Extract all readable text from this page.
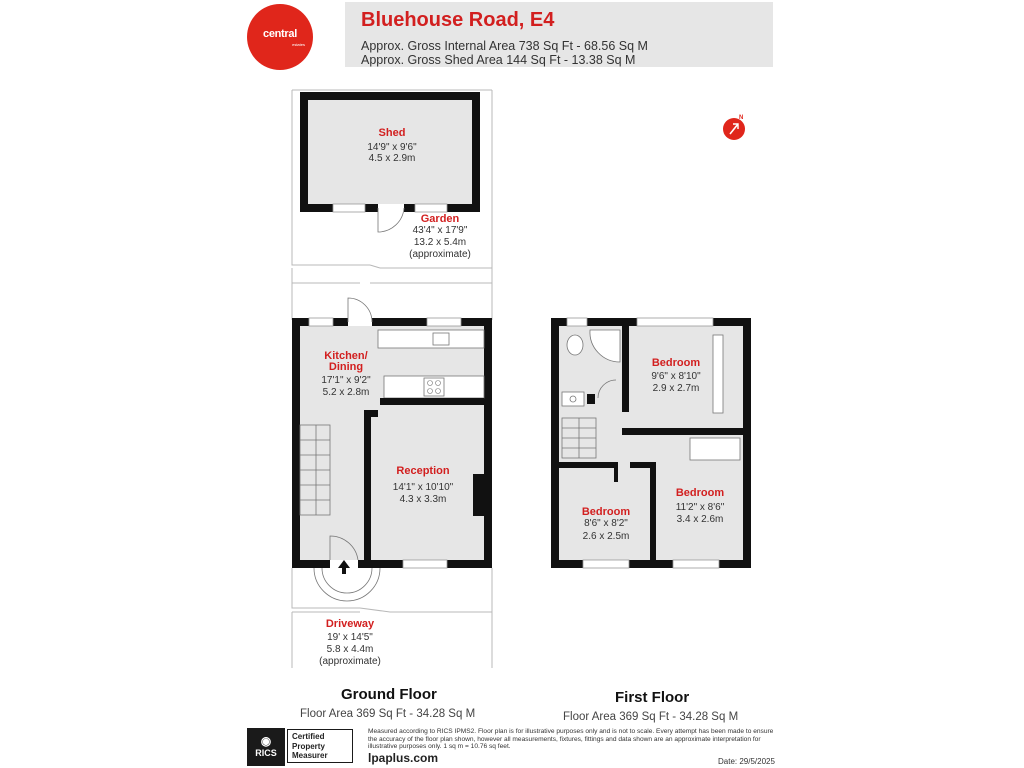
central
estates
Bluehouse Road, E4
Approx. Gross Internal Area 738 Sq Ft - 68.56 Sq M
Approx. Gross Shed Area 144 Sq Ft - 13.38 Sq M
N
Shed
14'9" x 9'6"
4.5 x 2.9m
Garden
43'4" x 17'9"
13.2 x 5.4m
(approximate)
Kitchen/
Dining
17'1" x 9'2"
5.2 x 2.8m
Reception
14'1" x 10'10"
4.3 x 3.3m
Driveway
19' x 14'5"
5.8 x 4.4m
(approximate)
Bedroom
9'6" x 8'10"
2.9 x 2.7m
Bedroom
11'2" x 8'6"
3.4 x 2.6m
Bedroom
8'6" x 8'2"
2.6 x 2.5m
Ground Floor
Floor Area 369 Sq Ft - 34.28 Sq M
First Floor
Floor Area 369 Sq Ft - 34.28 Sq M
◉
RICS
Certified
Property
Measurer
Measured according to RICS IPMS2. Floor plan is for illustrative purposes only and is not to scale. Every attempt has been made to ensure the accuracy of the floor plan shown, however all measurements, fixtures, fittings and data shown are an approximate interpretation for illustrative purposes only. 1 sq m = 10.76 sq feet.
lpaplus.com	Date: 29/5/2025
